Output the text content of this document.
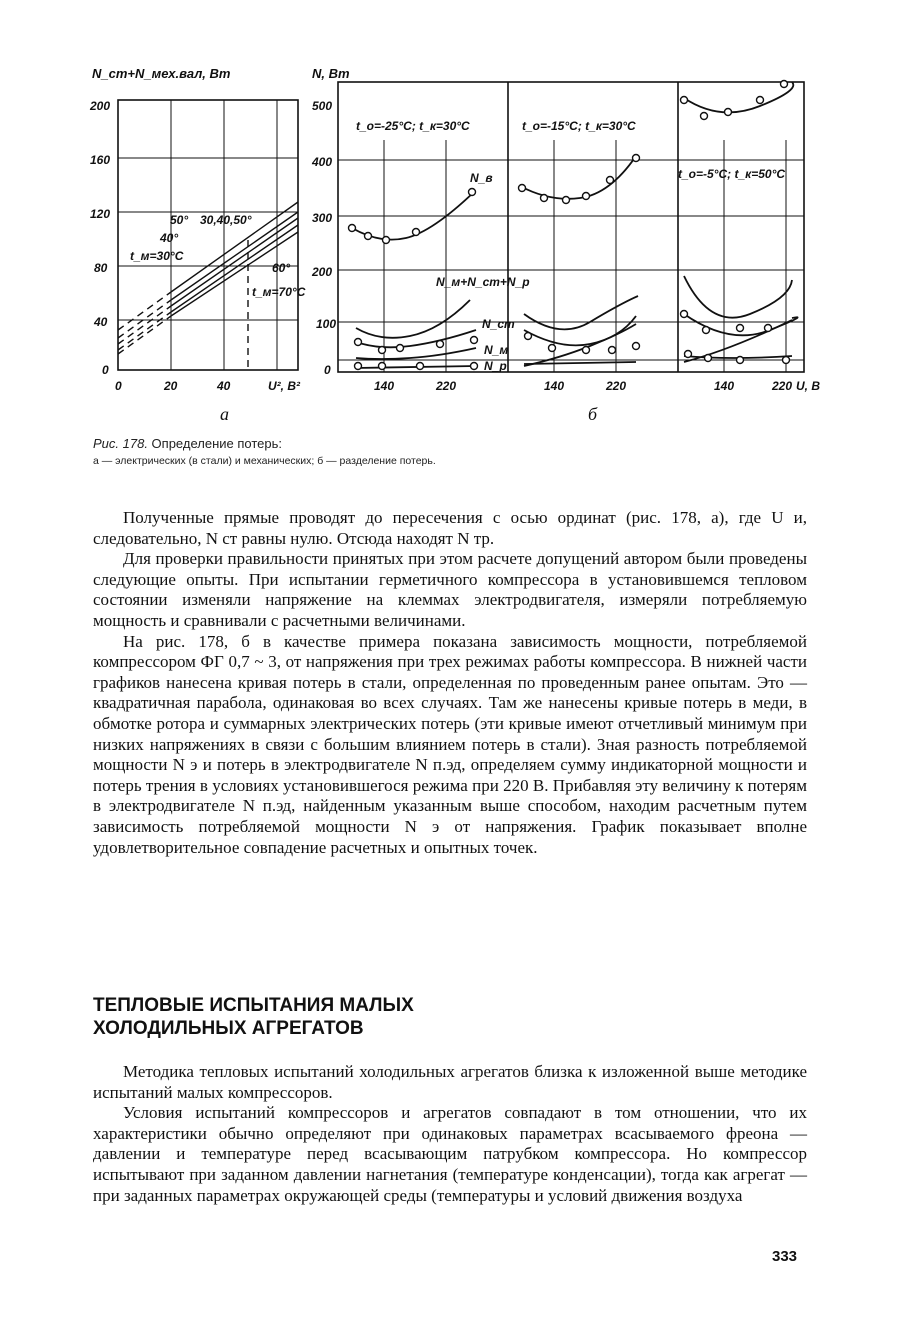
N_ст+N_мех.вал, Вт
200
160
120
80
40
0
0	20	40	U², В²
50° 30,40,50°
40°
t_м=30°С
60°
t_м=70°С
N, Вт
500
400
300
200
100
0
140	220	140	220	140	220 U, В
t_о=-25°С; t_к=30°С	t_о=-15°С; t_к=30°С
t_о=-5°С; t_к=50°С
N_в
N_м+N_ст+N_р
N_ст
N_м
N_р
а	б
Рис. 178. Определение потерь:
а — электрических (в стали) и механических; б — разделение потерь.

Полученные прямые проводят до пересечения с осью ординат (рис. 178, а), где U и, следовательно, N ст равны нулю. Отсюда находят N тр.

Для проверки правильности принятых при этом расчете допущений автором были проведены следующие опыты. При испытании герметичного компрессора в установившемся тепловом состоянии изменяли напряжение на клеммах электродвигателя, измеряли потребляемую мощность и сравнивали с расчетными величинами.

На рис. 178, б в качестве примера показана зависимость мощности, потребляемой компрессором ФГ 0,7 ~ 3, от напряжения при трех режимах работы компрессора. В нижней части графиков нанесена кривая потерь в стали, определенная по проведенным ранее опытам. Это — квадратичная парабола, одинаковая во всех случаях. Там же нанесены кривые потерь в меди, в обмотке ротора и суммарных электрических потерь (эти кривые имеют отчетливый минимум при низких напряжениях в связи с большим влиянием потерь в стали). Зная разность потребляемой мощности N э и потерь в электродвигателе N п.эд, определяем сумму индикаторной мощности и потерь трения в условиях установившегося режима при 220 В. Прибавляя эту величину к потерям в электродвигателе N п.эд, найденным указанным выше способом, находим расчетным путем зависимость потребляемой мощности N э от напряжения. График показывает вполне удовлетворительное совпадение расчетных и опытных точек.

ТЕПЛОВЫЕ ИСПЫТАНИЯ МАЛЫХ
ХОЛОДИЛЬНЫХ АГРЕГАТОВ

Методика тепловых испытаний холодильных агрегатов близка к изложенной выше методике испытаний малых компрессоров.

Условия испытаний компрессоров и агрегатов совпадают в том отношении, что их характеристики обычно определяют при одинаковых параметрах всасываемого фреона — давлении и температуре перед всасывающим патрубком компрессора. Но компрессор испытывают при заданном давлении нагнетания (температуре конденсации), тогда как агрегат — при заданных параметрах окружающей среды (температуры и условий движения воздуха

333
